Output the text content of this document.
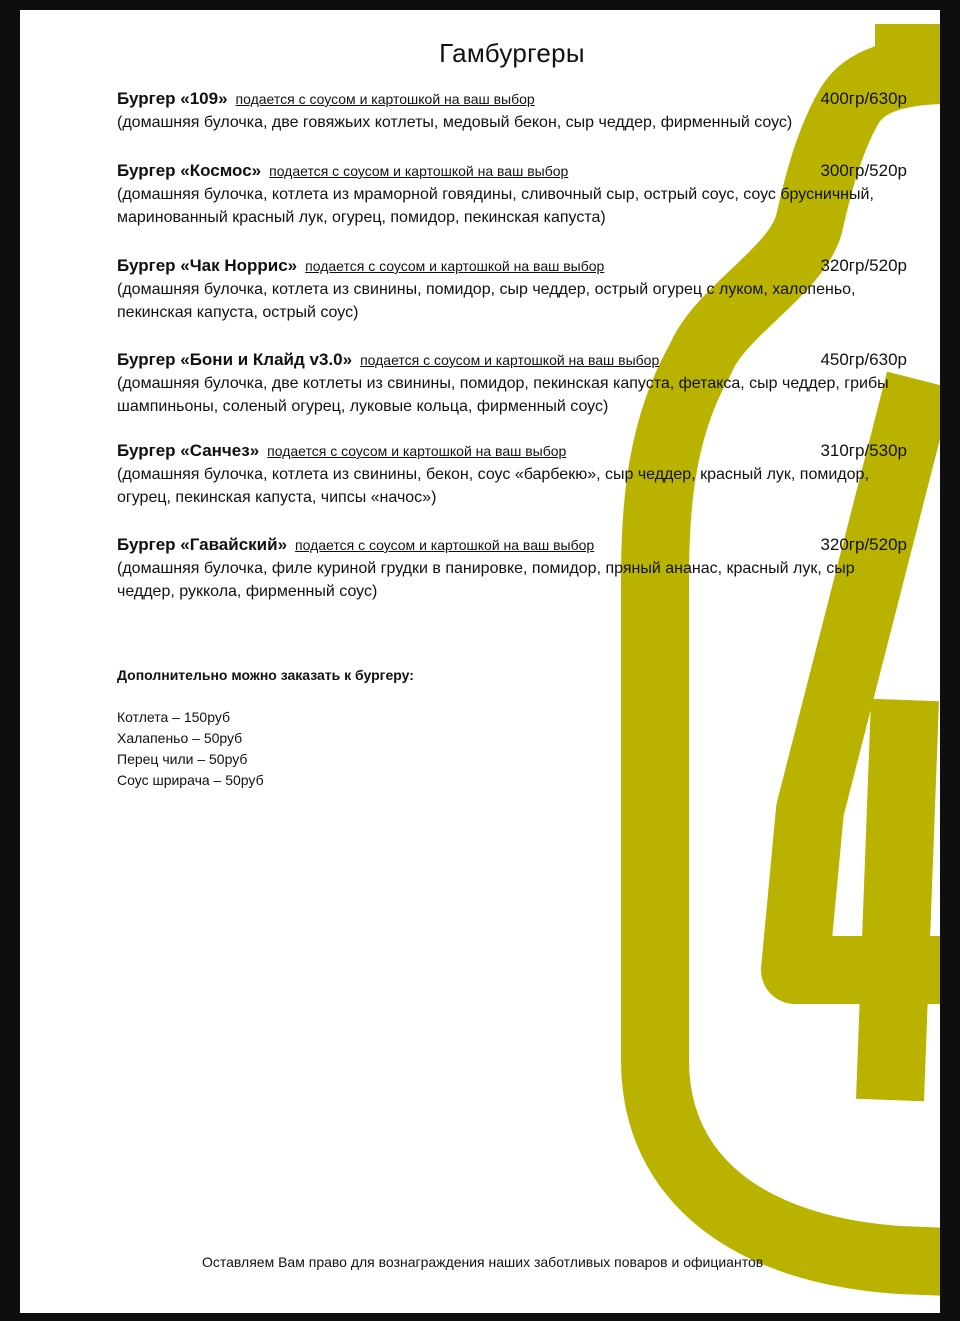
Гамбургеры
Бургер «109» подается с соусом и картошкой на ваш выбор	400гр/630р
(домашняя булочка, две говяжьих котлеты, медовый бекон, сыр чеддер, фирменный соус)
Бургер «Космос» подается с соусом и картошкой на ваш выбор	300гр/520р
(домашняя булочка, котлета из мраморной говядины, сливочный сыр, острый соус, соус брусничный, маринованный красный лук, огурец, помидор, пекинская капуста)
Бургер «Чак Норрис» подается с соусом и картошкой на ваш выбор	320гр/520р
(домашняя булочка, котлета из свинины, помидор, сыр чеддер, острый огурец с луком, халопеньо, пекинская капуста, острый соус)
Бургер «Бони и Клайд v3.0» подается с соусом и картошкой на ваш выбор	450гр/630р
(домашняя булочка, две котлеты из свинины, помидор, пекинская капуста, фетакса, сыр чеддер, грибы шампиньоны, соленый огурец, луковые кольца, фирменный соус)
Бургер «Санчез» подается с соусом и картошкой на ваш выбор	310гр/530р
(домашняя булочка, котлета из свинины, бекон, соус «барбекю», сыр чеддер, красный лук, помидор, огурец, пекинская капуста, чипсы «начос»)
Бургер «Гавайский» подается с соусом и картошкой на ваш выбор	320гр/520р
(домашняя булочка, филе куриной грудки в панировке, помидор, пряный ананас, красный лук, сыр чеддер, руккола, фирменный соус)
Дополнительно можно заказать к бургеру:
Котлета – 150руб
Халапеньо – 50руб
Перец чили – 50руб
Соус шрирача – 50руб
Оставляем Вам право для вознаграждения наших заботливых поваров и официантов
